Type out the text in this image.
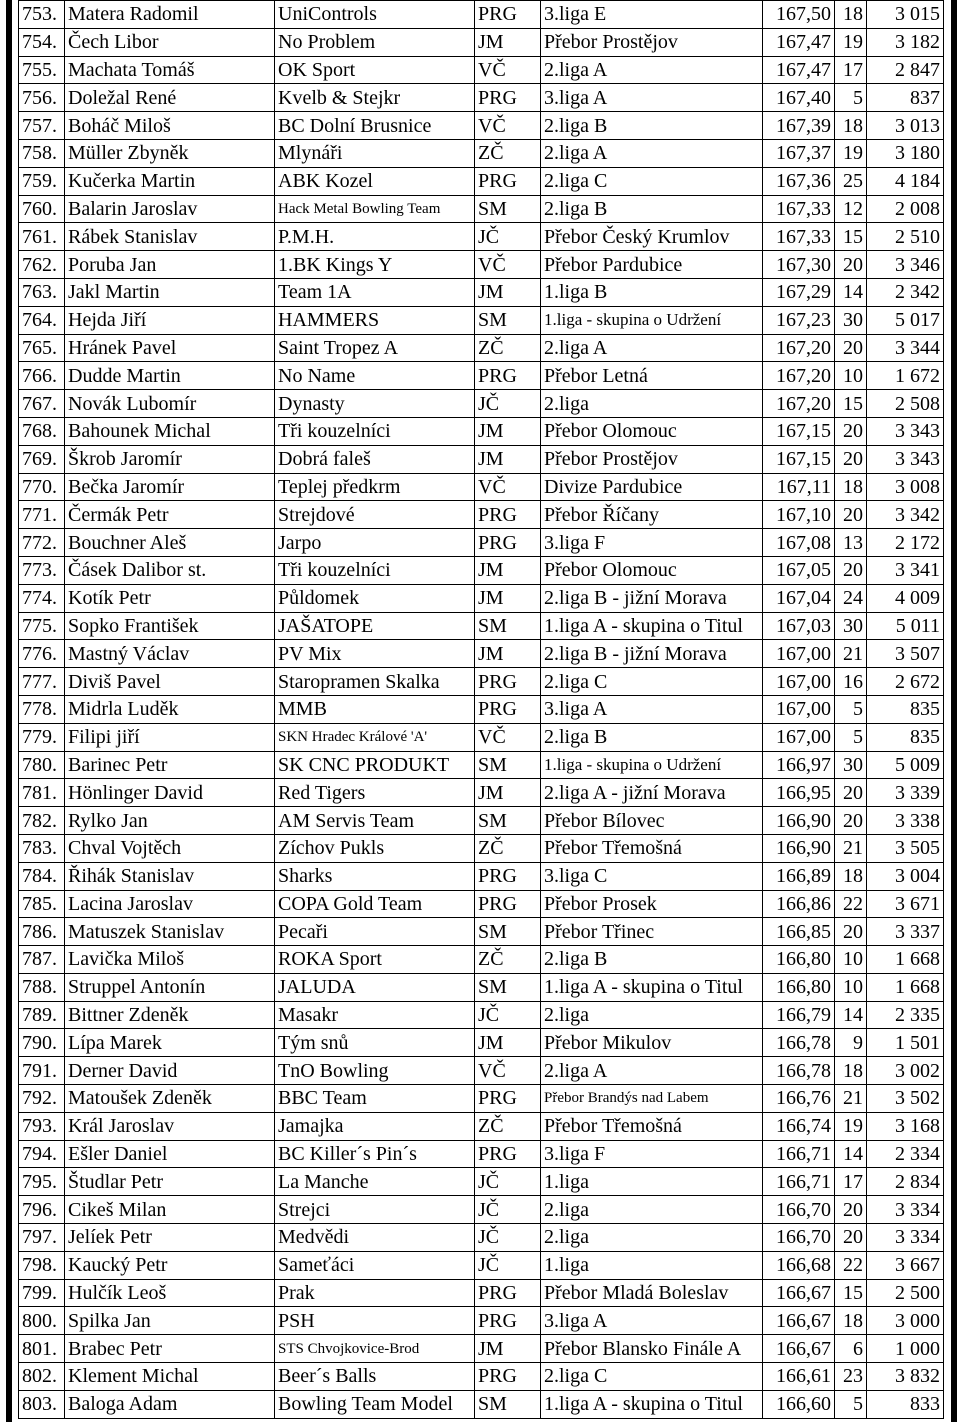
753.	Matera Radomil	UniControls	PRG	3.liga E	167,50	18	3 015
754.	Čech Libor	No Problem	JM	Přebor Prostějov	167,47	19	3 182
755.	Machata Tomáš	OK Sport	VČ	2.liga A	167,47	17	2 847
756.	Doležal René	Kvelb & Stejkr	PRG	3.liga A	167,40	5	837
757.	Boháč Miloš	BC Dolní Brusnice	VČ	2.liga B	167,39	18	3 013
758.	Müller Zbyněk	Mlynáři	ZČ	2.liga A	167,37	19	3 180
759.	Kučerka Martin	ABK Kozel	PRG	2.liga C	167,36	25	4 184
760.	Balarin Jaroslav	Hack Metal Bowling Team	SM	2.liga B	167,33	12	2 008
761.	Rábek Stanislav	P.M.H.	JČ	Přebor Český Krumlov	167,33	15	2 510
762.	Poruba Jan	1.BK Kings Y	VČ	Přebor Pardubice	167,30	20	3 346
763.	Jakl Martin	Team 1A	JM	1.liga B	167,29	14	2 342
764.	Hejda Jiří	HAMMERS	SM	1.liga - skupina o Udržení	167,23	30	5 017
765.	Hránek Pavel	Saint Tropez A	ZČ	2.liga A	167,20	20	3 344
766.	Dudde Martin	No Name	PRG	Přebor Letná	167,20	10	1 672
767.	Novák Lubomír	Dynasty	JČ	2.liga	167,20	15	2 508
768.	Bahounek Michal	Tři kouzelníci	JM	Přebor Olomouc	167,15	20	3 343
769.	Škrob Jaromír	Dobrá faleš	JM	Přebor Prostějov	167,15	20	3 343
770.	Bečka Jaromír	Teplej předkrm	VČ	Divize Pardubice	167,11	18	3 008
771.	Čermák Petr	Strejdové	PRG	Přebor Říčany	167,10	20	3 342
772.	Bouchner Aleš	Jarpo	PRG	3.liga F	167,08	13	2 172
773.	Čásek Dalibor st.	Tři kouzelníci	JM	Přebor Olomouc	167,05	20	3 341
774.	Kotík Petr	Půldomek	JM	2.liga B - jižní Morava	167,04	24	4 009
775.	Sopko František	JAŠATOPE	SM	1.liga A - skupina o Titul	167,03	30	5 011
776.	Mastný Václav	PV Mix	JM	2.liga B - jižní Morava	167,00	21	3 507
777.	Diviš Pavel	Staropramen Skalka	PRG	2.liga C	167,00	16	2 672
778.	Midrla Luděk	MMB	PRG	3.liga A	167,00	5	835
779.	Filipi jiří	SKN Hradec Králové 'A'	VČ	2.liga B	167,00	5	835
780.	Barinec Petr	SK CNC PRODUKT	SM	1.liga - skupina o Udržení	166,97	30	5 009
781.	Hönlinger David	Red Tigers	JM	2.liga A - jižní Morava	166,95	20	3 339
782.	Rylko Jan	AM Servis Team	SM	Přebor Bílovec	166,90	20	3 338
783.	Chval Vojtěch	Zíchov Pukls	ZČ	Přebor Třemošná	166,90	21	3 505
784.	Řihák Stanislav	Sharks	PRG	3.liga C	166,89	18	3 004
785.	Lacina Jaroslav	COPA Gold Team	PRG	Přebor Prosek	166,86	22	3 671
786.	Matuszek Stanislav	Pecaři	SM	Přebor Třinec	166,85	20	3 337
787.	Lavička Miloš	ROKA Sport	ZČ	2.liga B	166,80	10	1 668
788.	Struppel Antonín	JALUDA	SM	1.liga A - skupina o Titul	166,80	10	1 668
789.	Bittner Zdeněk	Masakr	JČ	2.liga	166,79	14	2 335
790.	Lípa Marek	Tým snů	JM	Přebor Mikulov	166,78	9	1 501
791.	Derner David	TnO Bowling	VČ	2.liga A	166,78	18	3 002
792.	Matoušek Zdeněk	BBC Team	PRG	Přebor Brandýs nad Labem	166,76	21	3 502
793.	Král Jaroslav	Jamajka	ZČ	Přebor Třemošná	166,74	19	3 168
794.	Ešler Daniel	BC Killer´s Pin´s	PRG	3.liga F	166,71	14	2 334
795.	Študlar Petr	La Manche	JČ	1.liga	166,71	17	2 834
796.	Cikeš Milan	Strejci	JČ	2.liga	166,70	20	3 334
797.	Jelíek Petr	Medvědi	JČ	2.liga	166,70	20	3 334
798.	Kaucký Petr	Sameťáci	JČ	1.liga	166,68	22	3 667
799.	Hulčík Leoš	Prak	PRG	Přebor Mladá Boleslav	166,67	15	2 500
800.	Spilka Jan	PSH	PRG	3.liga A	166,67	18	3 000
801.	Brabec Petr	STS Chvojkovice-Brod	JM	Přebor Blansko Finále A	166,67	6	1 000
802.	Klement Michal	Beer´s Balls	PRG	2.liga C	166,61	23	3 832
803.	Baloga Adam	Bowling Team Model	SM	1.liga A - skupina o Titul	166,60	5	833
